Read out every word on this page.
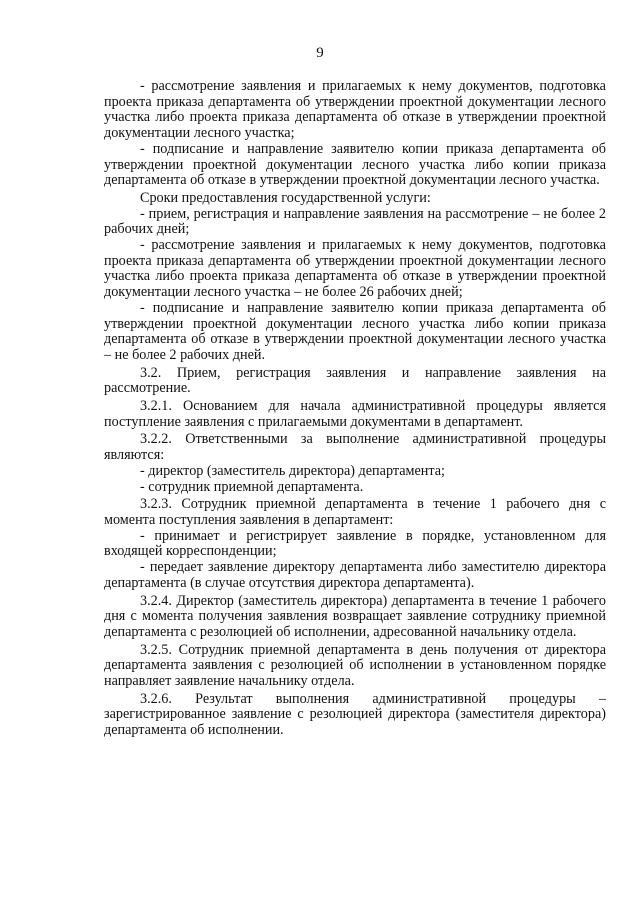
9

- рассмотрение заявления и прилагаемых к нему документов, подготовка проекта приказа департамента об утверждении проектной документации лесного участка либо проекта приказа департамента об отказе в утверждении проектной документации лесного участка;

- подписание и направление заявителю копии приказа департамента об утверждении проектной документации лесного участка либо копии приказа департамента об отказе в утверждении проектной документации лесного участка.

Сроки предоставления государственной услуги:

- прием, регистрация и направление заявления на рассмотрение – не более 2 рабочих дней;

- рассмотрение заявления и прилагаемых к нему документов, подготовка проекта приказа департамента об утверждении проектной документации лесного участка либо проекта приказа департамента об отказе в утверждении проектной документации лесного участка – не более 26 рабочих дней;

- подписание и направление заявителю копии приказа департамента об утверждении проектной документации лесного участка либо копии приказа департамента об отказе в утверждении проектной документации лесного участка – не более 2 рабочих дней.

3.2. Прием, регистрация заявления и направление заявления на рассмотрение.

3.2.1. Основанием для начала административной процедуры является поступление заявления с прилагаемыми документами в департамент.

3.2.2. Ответственными за выполнение административной процедуры являются:

- директор (заместитель директора) департамента;

- сотрудник приемной департамента.

3.2.3. Сотрудник приемной департамента в течение 1 рабочего дня с момента поступления заявления в департамент:

- принимает и регистрирует заявление в порядке, установленном для входящей корреспонденции;

- передает заявление директору департамента либо заместителю директора департамента (в случае отсутствия директора департамента).

3.2.4. Директор (заместитель директора) департамента в течение 1 рабочего дня с момента получения заявления возвращает заявление сотруднику приемной департамента с резолюцией об исполнении, адресованной начальнику отдела.

3.2.5. Сотрудник приемной департамента в день получения от директора департамента заявления с резолюцией об исполнении в установленном порядке направляет заявление начальнику отдела.

3.2.6. Результат выполнения административной процедуры – зарегистрированное заявление с резолюцией директора (заместителя директора) департамента об исполнении.
